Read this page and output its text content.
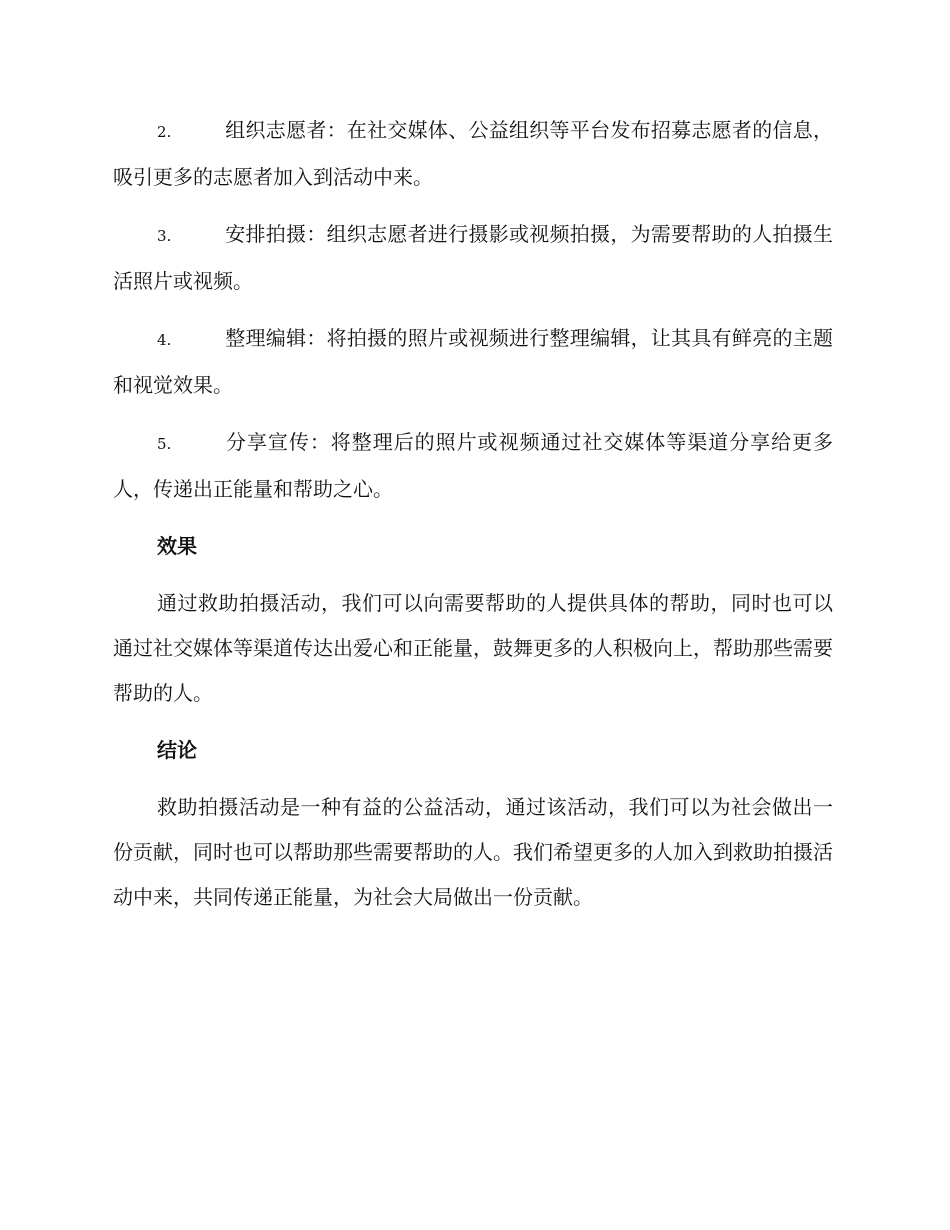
2.	组织志愿者：在社交媒体、公益组织等平台发布招募志愿者的信息，吸引更多的志愿者加入到活动中来。
3.	安排拍摄：组织志愿者进行摄影或视频拍摄，为需要帮助的人拍摄生活照片或视频。
4.	整理编辑：将拍摄的照片或视频进行整理编辑，让其具有鲜亮的主题和视觉效果。
5.	分享宣传：将整理后的照片或视频通过社交媒体等渠道分享给更多人，传递出正能量和帮助之心。
效果
通过救助拍摄活动，我们可以向需要帮助的人提供具体的帮助，同时也可以通过社交媒体等渠道传达出爱心和正能量，鼓舞更多的人积极向上，帮助那些需要帮助的人。
结论
救助拍摄活动是一种有益的公益活动，通过该活动，我们可以为社会做出一份贡献，同时也可以帮助那些需要帮助的人。我们希望更多的人加入到救助拍摄活动中来，共同传递正能量，为社会大局做出一份贡献。
